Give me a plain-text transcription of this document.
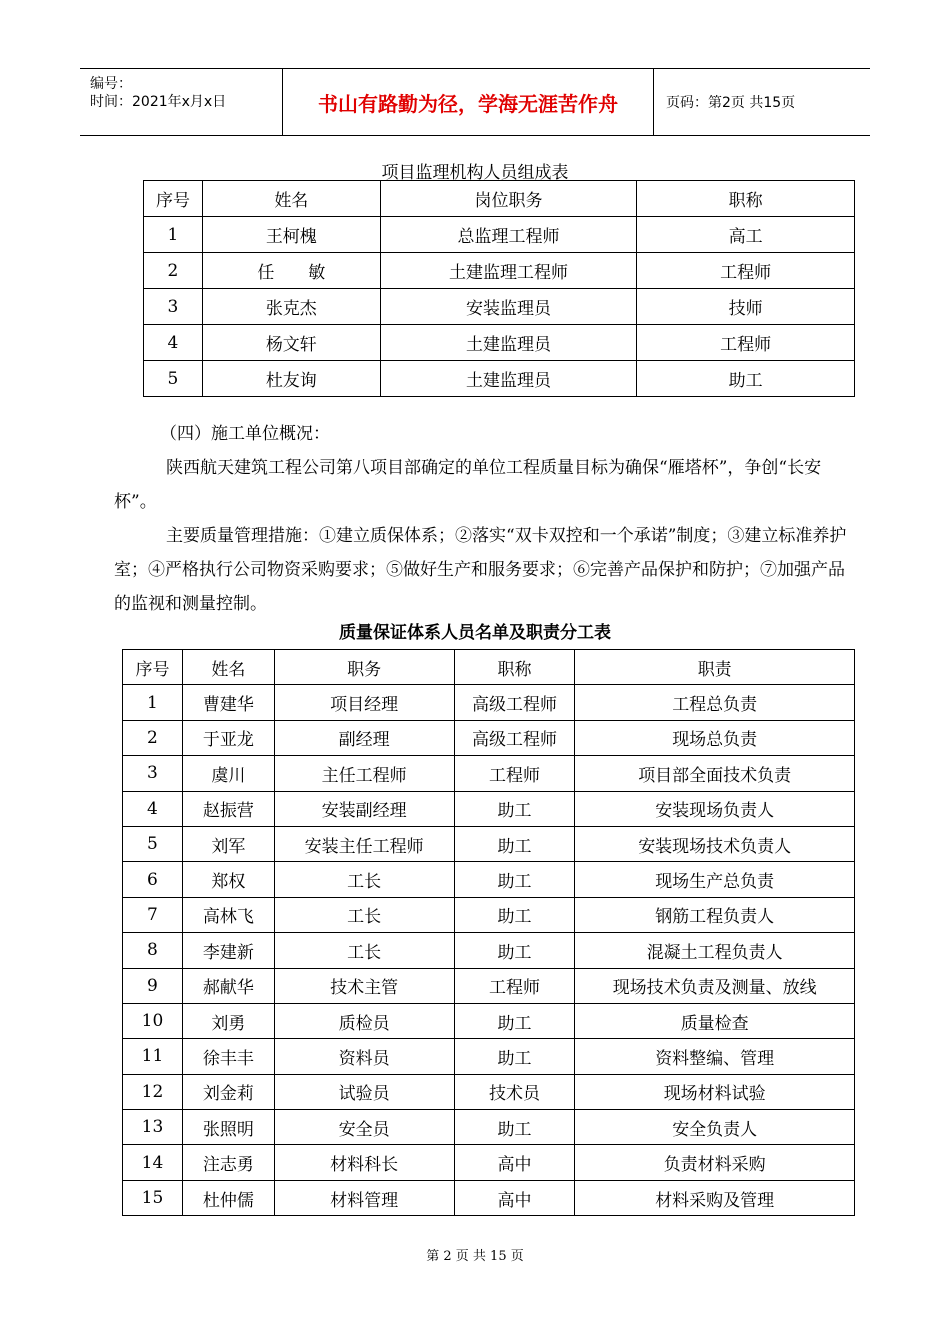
编号：
时间：2021年x月x日	书山有路勤为径，学海无涯苦作舟	页码：第2页 共15页
项目监理机构人员组成表
序号	姓名	岗位职务	职称
1	王柯槐	总监理工程师	高工
2	任　　敏	土建监理工程师	工程师
3	张克杰	安装监理员	技师
4	杨文轩	土建监理员	工程师
5	杜友询	土建监理员	助工
（四）施工单位概况：
陕西航天建筑工程公司第八项目部确定的单位工程质量目标为确保“雁塔杯”，争创“长安杯”。
主要质量管理措施：①建立质保体系；②落实“双卡双控和一个承诺”制度；③建立标准养护室；④严格执行公司物资采购要求；⑤做好生产和服务要求；⑥完善产品保护和防护；⑦加强产品的监视和测量控制。
质量保证体系人员名单及职责分工表
序号	姓名	职务	职称	职责
1	曹建华	项目经理	高级工程师	工程总负责
2	于亚龙	副经理	高级工程师	现场总负责
3	虞川	主任工程师	工程师	项目部全面技术负责
4	赵振营	安装副经理	助工	安装现场负责人
5	刘军	安装主任工程师	助工	安装现场技术负责人
6	郑权	工长	助工	现场生产总负责
7	高林飞	工长	助工	钢筋工程负责人
8	李建新	工长	助工	混凝土工程负责人
9	郝献华	技术主管	工程师	现场技术负责及测量、放线
10	刘勇	质检员	助工	质量检查
11	徐丰丰	资料员	助工	资料整编、管理
12	刘金莉	试验员	技术员	现场材料试验
13	张照明	安全员	助工	安全负责人
14	注志勇	材料科长	高中	负责材料采购
15	杜仲儒	材料管理	高中	材料采购及管理
第 2 页 共 15 页
